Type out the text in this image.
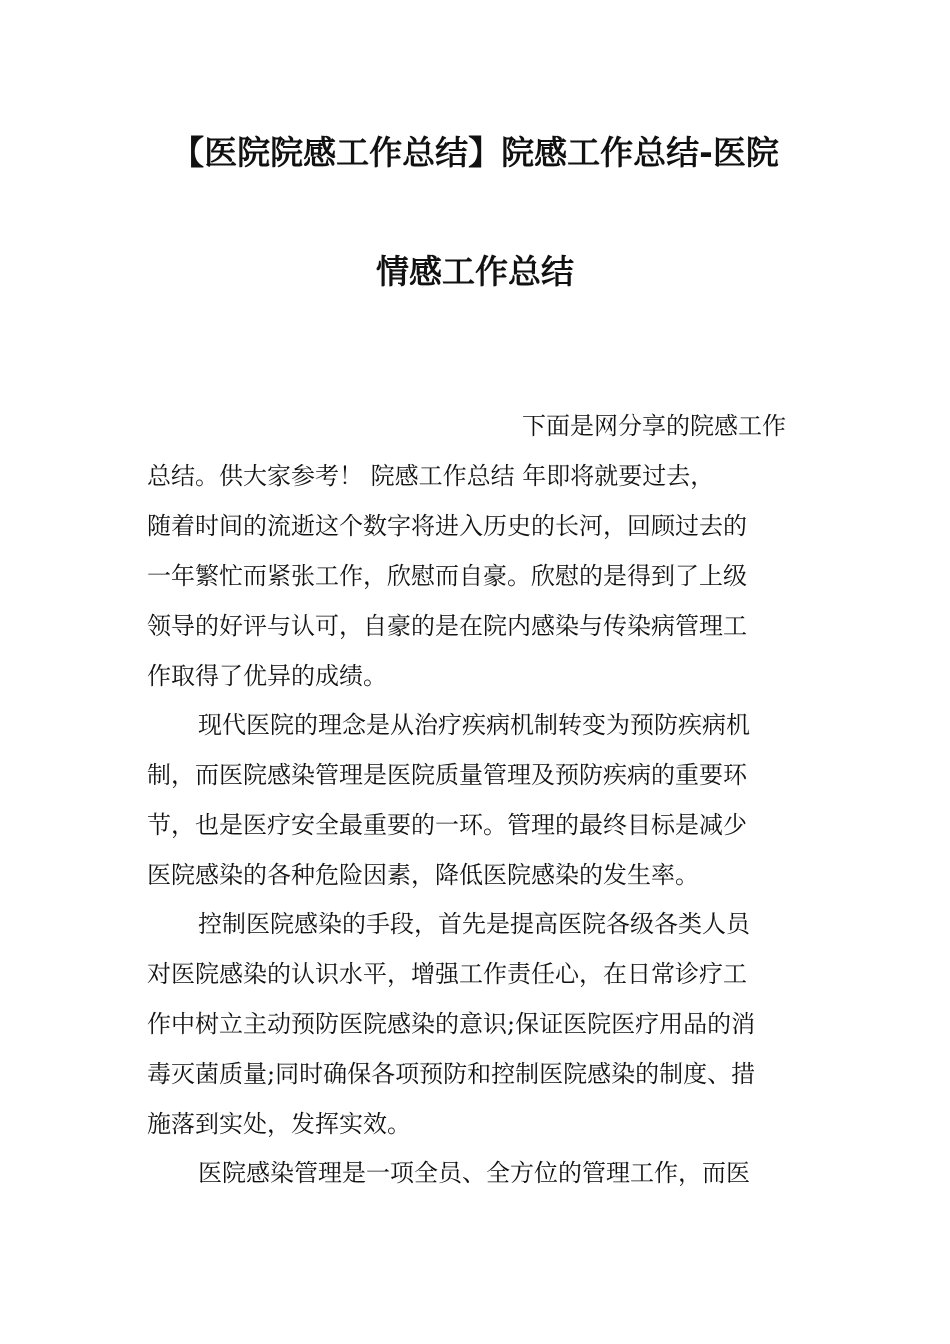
【医院院感工作总结】院感工作总结-医院
情感工作总结
下面是网分享的院感工作
总结。供大家参考！ 院感工作总结 年即将就要过去，
随着时间的流逝这个数字将进入历史的长河，回顾过去的
一年繁忙而紧张工作，欣慰而自豪。欣慰的是得到了上级
领导的好评与认可，自豪的是在院内感染与传染病管理工
作取得了优异的成绩。
现代医院的理念是从治疗疾病机制转变为预防疾病机
制，而医院感染管理是医院质量管理及预防疾病的重要环
节，也是医疗安全最重要的一环。管理的最终目标是减少
医院感染的各种危险因素，降低医院感染的发生率。
控制医院感染的手段，首先是提高医院各级各类人员
对医院感染的认识水平，增强工作责任心，在日常诊疗工
作中树立主动预防医院感染的意识;保证医院医疗用品的消
毒灭菌质量;同时确保各项预防和控制医院感染的制度、措
施落到实处，发挥实效。
医院感染管理是一项全员、全方位的管理工作，而医
